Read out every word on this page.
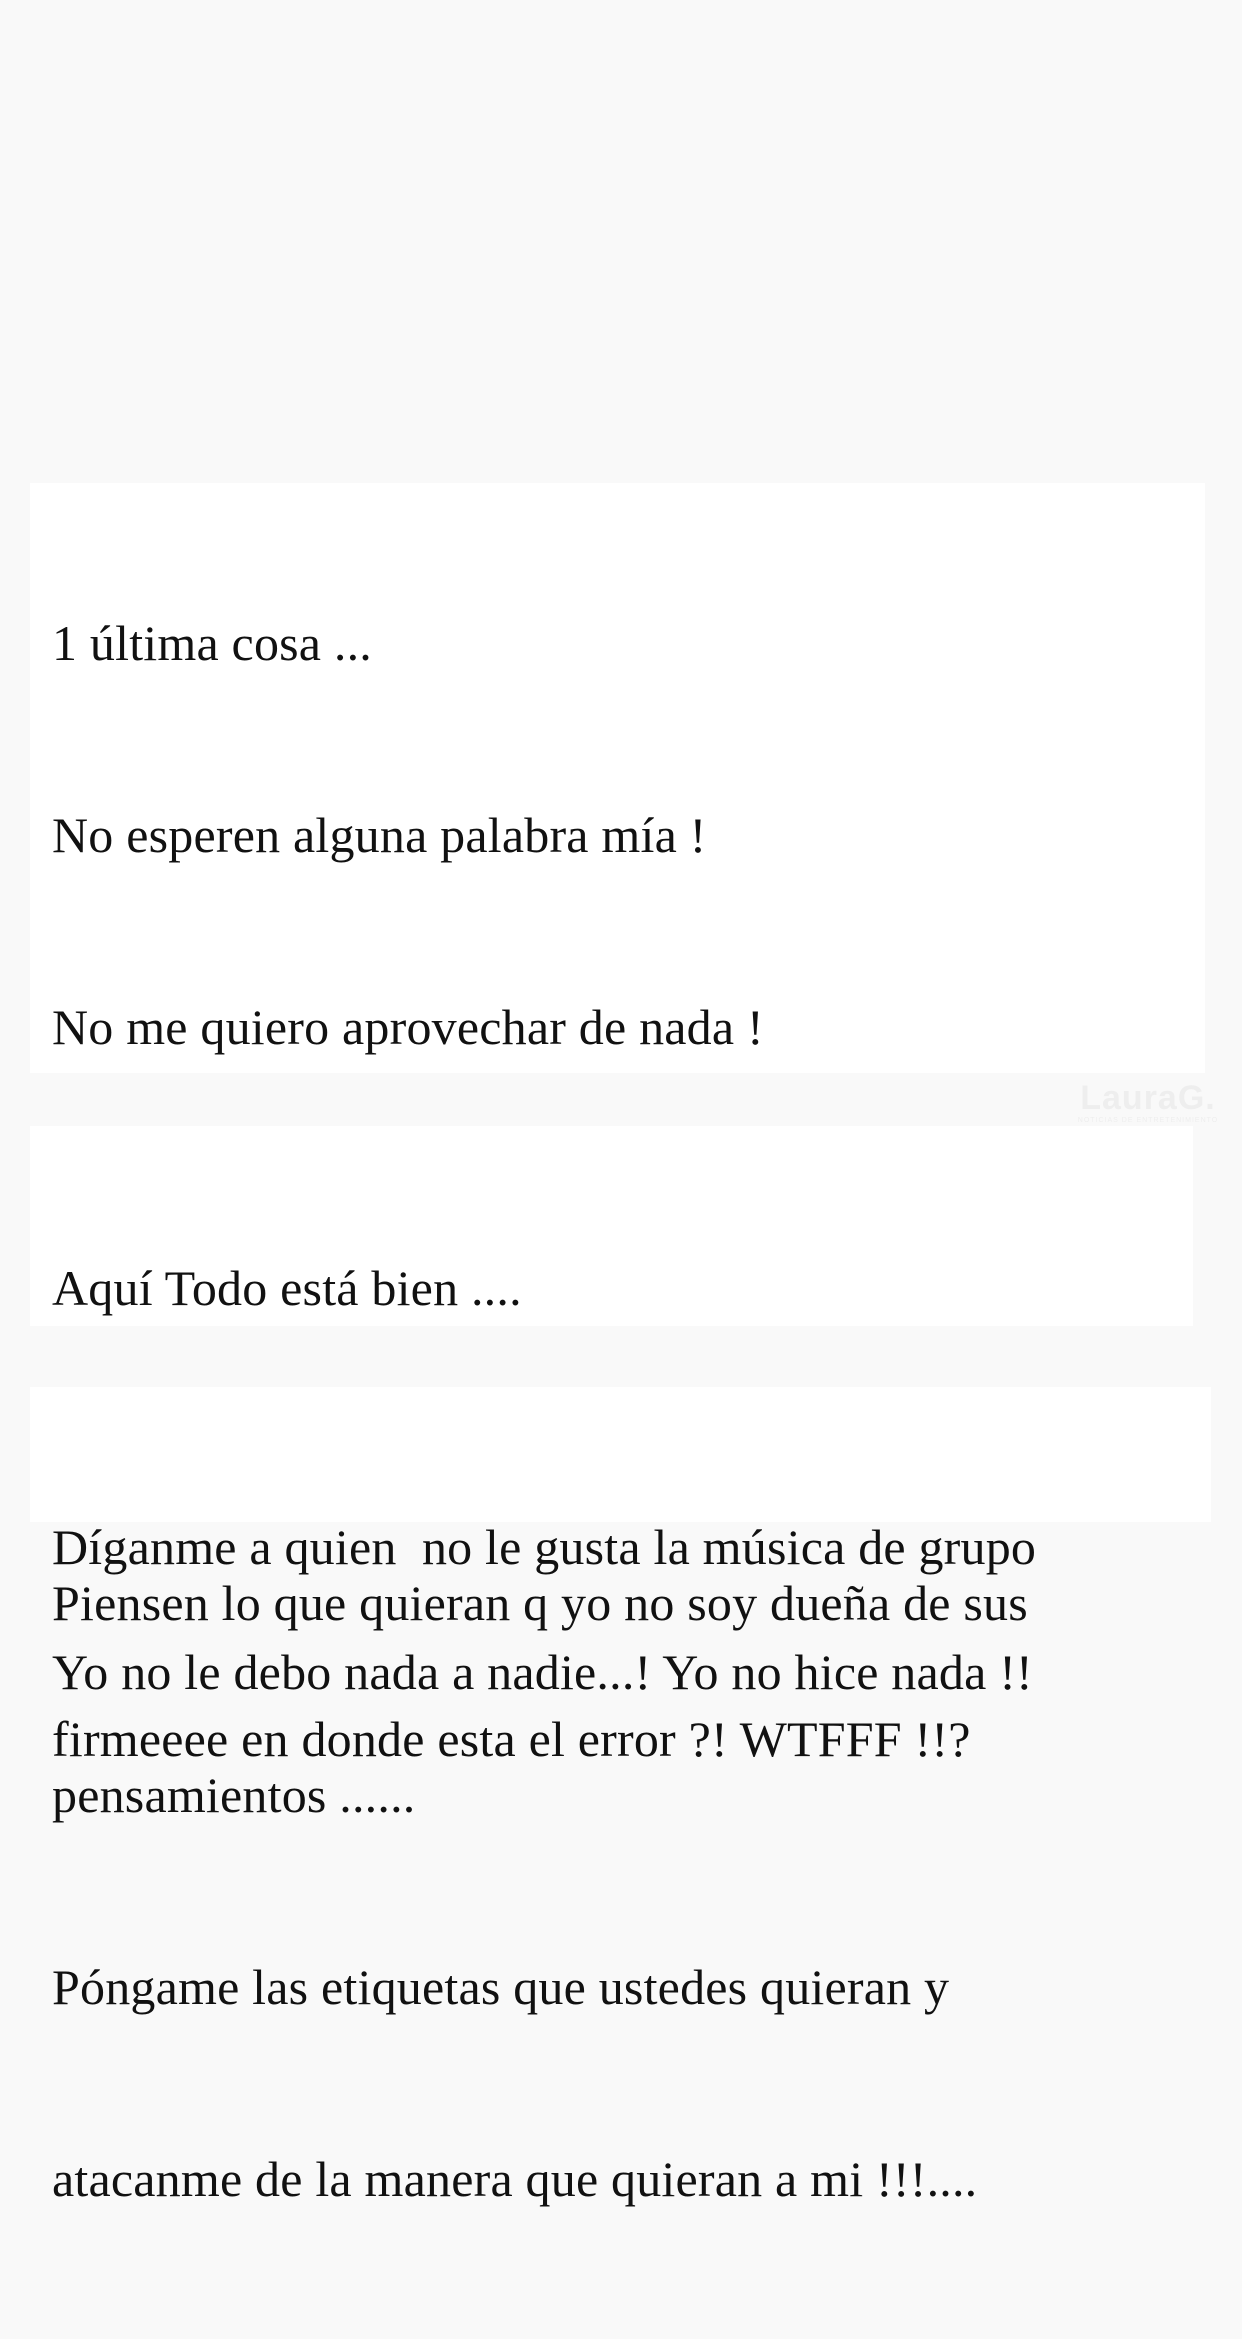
1 última cosa ...

No esperen alguna palabra mía !

No me quiero aprovechar de nada !

Piensen lo que quieran q yo no soy dueña de sus

pensamientos ......

Póngame las etiquetas que ustedes quieran y

atacanme de la manera que quieran a mi !!!....

LauraG.
NOTICIAS DE ENTRETENIMIENTO

Aquí Todo está bien ....

Yo no le debo nada a nadie...! Yo no hice nada !!

Díganme a quien  no le gusta la música de grupo

firmeeee en donde esta el error ?! WTFFF !!?
